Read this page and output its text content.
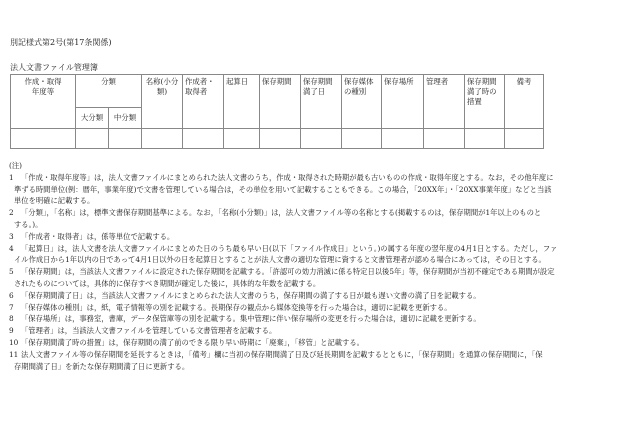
別記様式第2号(第17条関係)
法人文書ファイル管理簿
作成・取得年度等	分類		名称(小分類)	作成者・取得者	起算日	保存期間	保存期間満了日	保存媒体の種別	保存場所	管理者	保存期間満了時の措置	備考
	大分類	中分類										

(注)
1 「作成・取得年度等」は，法人文書ファイルにまとめられた法人文書のうち，作成・取得された時期が最も古いものの作成・取得年度とする。なお，その他年度に
準ずる時間単位(例：暦年，事業年度)で文書を管理している場合は，その単位を用いて記載することもできる。この場合，「20XX年」・「20XX事業年度」などと当該
単位を明確に記載する。
2 「分類」，「名称」は，標準文書保存期間基準による。なお，「名称(小分類)」は，法人文書ファイル等の名称とする(掲載するのは，保存期間が1年以上のものと
する。)。
3 「作成者・取得者」は，係等単位で記載する。
4 「起算日」は，法人文書を法人文書ファイルにまとめた日のうち最も早い日(以下「ファイル作成日」という。)の属する年度の翌年度の4月1日とする。ただし，ファ
イル作成日から1年以内の日であって4月1日以外の日を起算日とすることが法人文書の適切な管理に資すると文書管理者が認める場合にあっては，その日とする。
5 「保存期間」は，当該法人文書ファイルに設定された保存期間を記載する。「許認可の効力消滅に係る特定日以後5年」等，保存期間が当初不確定である期間が設定
されたものについては，具体的に保存すべき期間が確定した後に，具体的な年数を記載する。
6 「保存期間満了日」は，当該法人文書ファイルにまとめられた法人文書のうち，保存期間の満了する日が最も遅い文書の満了日を記載する。
7 「保存媒体の種別」は，紙，電子情報等の別を記載する。長期保存の観点から媒体変換等を行った場合は，適切に記載を更新する。
8 「保存場所」は，事務室，書庫，データ保管庫等の別を記載する。集中管理に伴い保存場所の変更を行った場合は，適切に記載を更新する。
9 「管理者」は，当該法人文書ファイルを管理している文書管理者を記載する。
10 「保存期間満了時の措置」は，保存期間の満了前のできる限り早い時期に「廃棄」，「移管」と記載する。
11 法人文書ファイル等の保存期間を延長するときは，「備考」欄に当初の保存期間満了日及び延長期間を記載するとともに，「保存期間」を通算の保存期間に，「保
存期間満了日」を新たな保存期間満了日に更新する。
